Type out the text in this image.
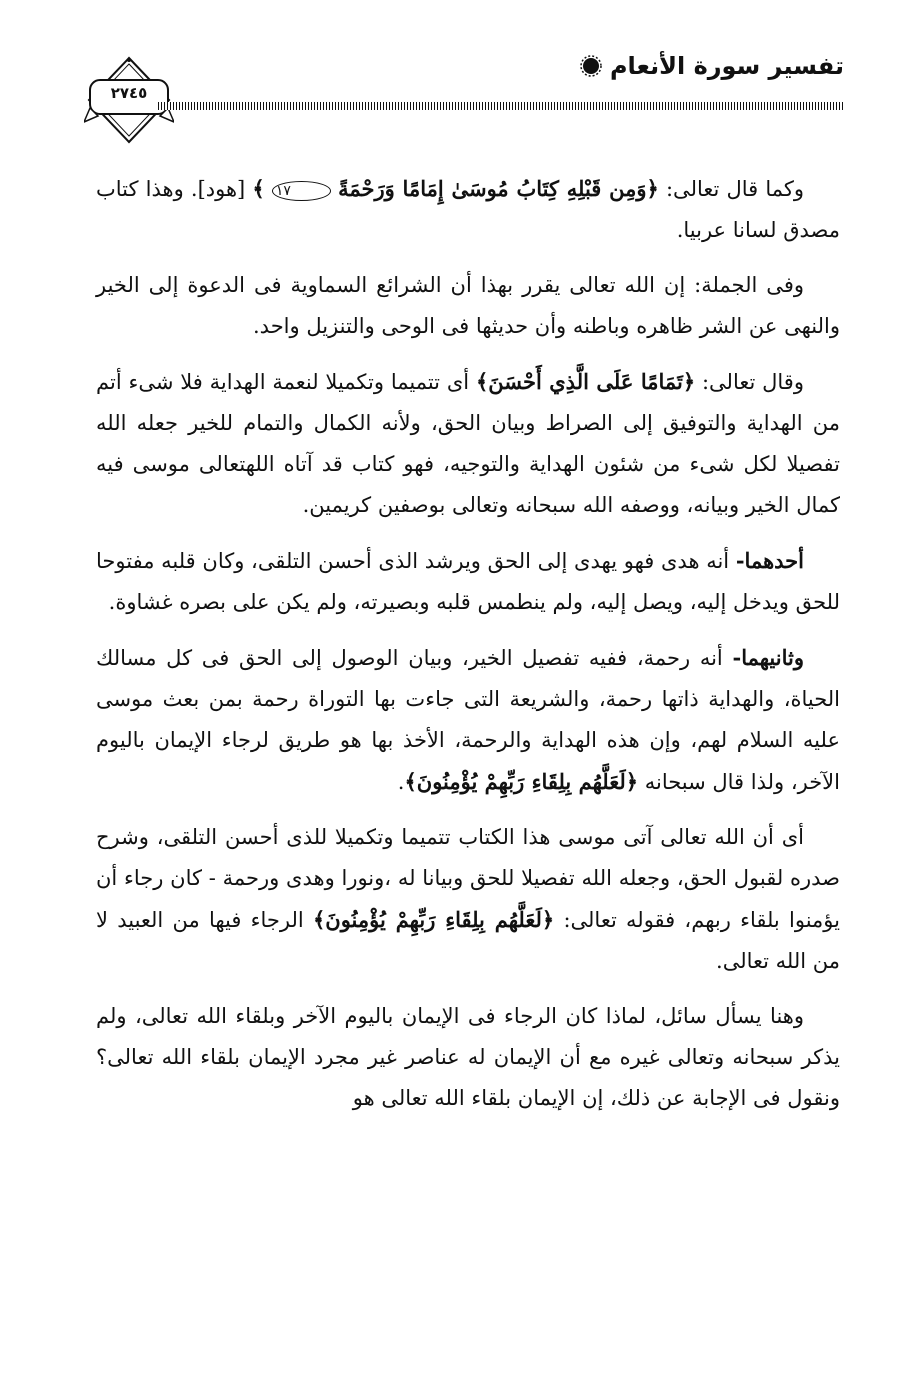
٢٧٤٥
تفسير سورة الأنعام

وكما قال تعالى: ﴿وَمِن قَبْلِهِ كِتَابُ مُوسَىٰ إِمَامًا وَرَحْمَةً ١٧ ﴾ [هود]. وهذا كتاب مصدق لسانا عربيا.

وفى الجملة: إن الله تعالى يقرر بهذا أن الشرائع السماوية فى الدعوة إلى الخير والنهى عن الشر ظاهره وباطنه وأن حديثها فى الوحى والتنزيل واحد.

وقال تعالى: ﴿تَمَامًا عَلَى الَّذِي أَحْسَنَ﴾ أى تتميما وتكميلا لنعمة الهداية فلا شىء أتم من الهداية والتوفيق إلى الصراط وبيان الحق، ولأنه الكمال والتمام للخير جعله الله تفصيلا لكل شىء من شئون الهداية والتوجيه، فهو كتاب قد آتاه اللهتعالى موسى فيه كمال الخير وبيانه، ووصفه الله سبحانه وتعالى بوصفين كريمين.

أحدهما- أنه هدى فهو يهدى إلى الحق ويرشد الذى أحسن التلقى، وكان قلبه مفتوحا للحق ويدخل إليه، ويصل إليه، ولم ينطمس قلبه وبصيرته، ولم يكن على بصره غشاوة.

وثانيهما- أنه رحمة، ففيه تفصيل الخير، وبيان الوصول إلى الحق فى كل مسالك الحياة، والهداية ذاتها رحمة، والشريعة التى جاءت بها التوراة رحمة بمن بعث موسى عليه السلام لهم، وإن هذه الهداية والرحمة، الأخذ بها هو طريق لرجاء الإيمان باليوم الآخر، ولذا قال سبحانه ﴿لَعَلَّهُم بِلِقَاءِ رَبِّهِمْ يُؤْمِنُونَ﴾.

أى أن الله تعالى آتى موسى هذا الكتاب تتميما وتكميلا للذى أحسن التلقى، وشرح صدره لقبول الحق، وجعله الله تفصيلا للحق وبيانا له ،ونورا وهدى ورحمة - كان رجاء أن يؤمنوا بلقاء ربهم، فقوله تعالى: ﴿لَعَلَّهُم بِلِقَاءِ رَبِّهِمْ يُؤْمِنُونَ﴾ الرجاء فيها من العبيد لا من الله تعالى.

وهنا يسأل سائل، لماذا كان الرجاء فى الإيمان باليوم الآخر وبلقاء الله تعالى، ولم يذكر سبحانه وتعالى غيره مع أن الإيمان له عناصر غير مجرد الإيمان بلقاء الله تعالى؟ ونقول فى الإجابة عن ذلك، إن الإيمان بلقاء الله تعالى هو
